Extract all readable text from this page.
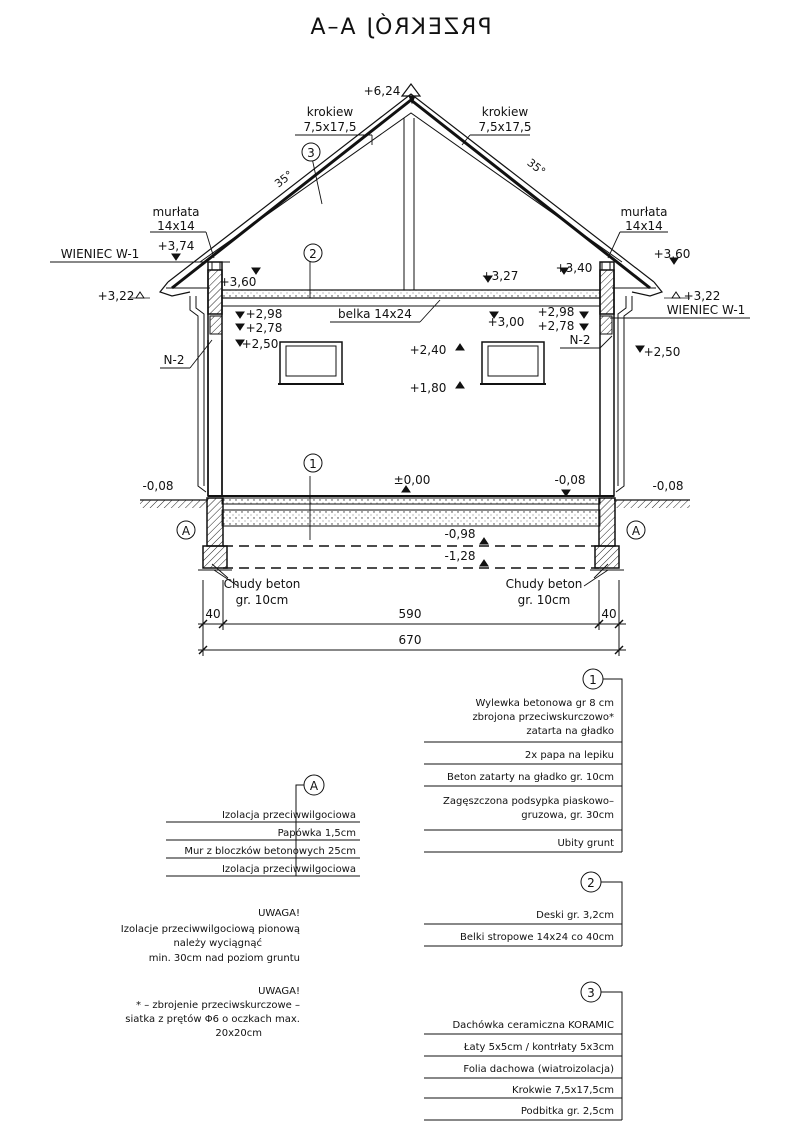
PRZEKRÓJ A–A
3
2
1
A	A
krokiew
7,5x17,5
krokiew
7,5x17,5
35°
35°
murłata
14x14
murłata
14x14
WIENIEC W-1
WIENIEC W-1
N-2
N-2
belka 14x24
Chudy beton
gr. 10cm
Chudy beton
gr. 10cm
+6,24
+3,74
+3,40
+3,60
+3,60
+3,27
+3,22	+3,22
+2,98
+2,78
+2,50
+2,98
+2,78
+2,50
+3,00
+2,40
+1,80
±0,00
-0,08	-0,08
-0,08
-0,98
-1,28
40	590	40
670
1
Wylewka betonowa gr 8 cm
zbrojona przeciwskurczowo*
zatarta na gładko
2x papa na lepiku
Beton zatarty na gładko gr. 10cm
Zagęszczona podsypka piaskowo–
gruzowa, gr. 30cm
Ubity grunt
A
Izolacja przeciwwilgociowa
Papówka 1,5cm
Mur z bloczków betonowych 25cm
Izolacja przeciwwilgociowa
2
Deski gr. 3,2cm
Belki stropowe 14x24 co 40cm
3
Dachówka ceramiczna KORAMIC
Łaty 5x5cm / kontrłaty 5x3cm
Folia dachowa (wiatroizolacja)
Krokwie 7,5x17,5cm
Podbitka gr. 2,5cm
UWAGA!
Izolacje przeciwwilgociową pionową
należy wyciągnąć
min. 30cm nad poziom gruntu
UWAGA!
* – zbrojenie przeciwskurczowe –
siatka z prętów Φ6 o oczkach max.
20x20cm
